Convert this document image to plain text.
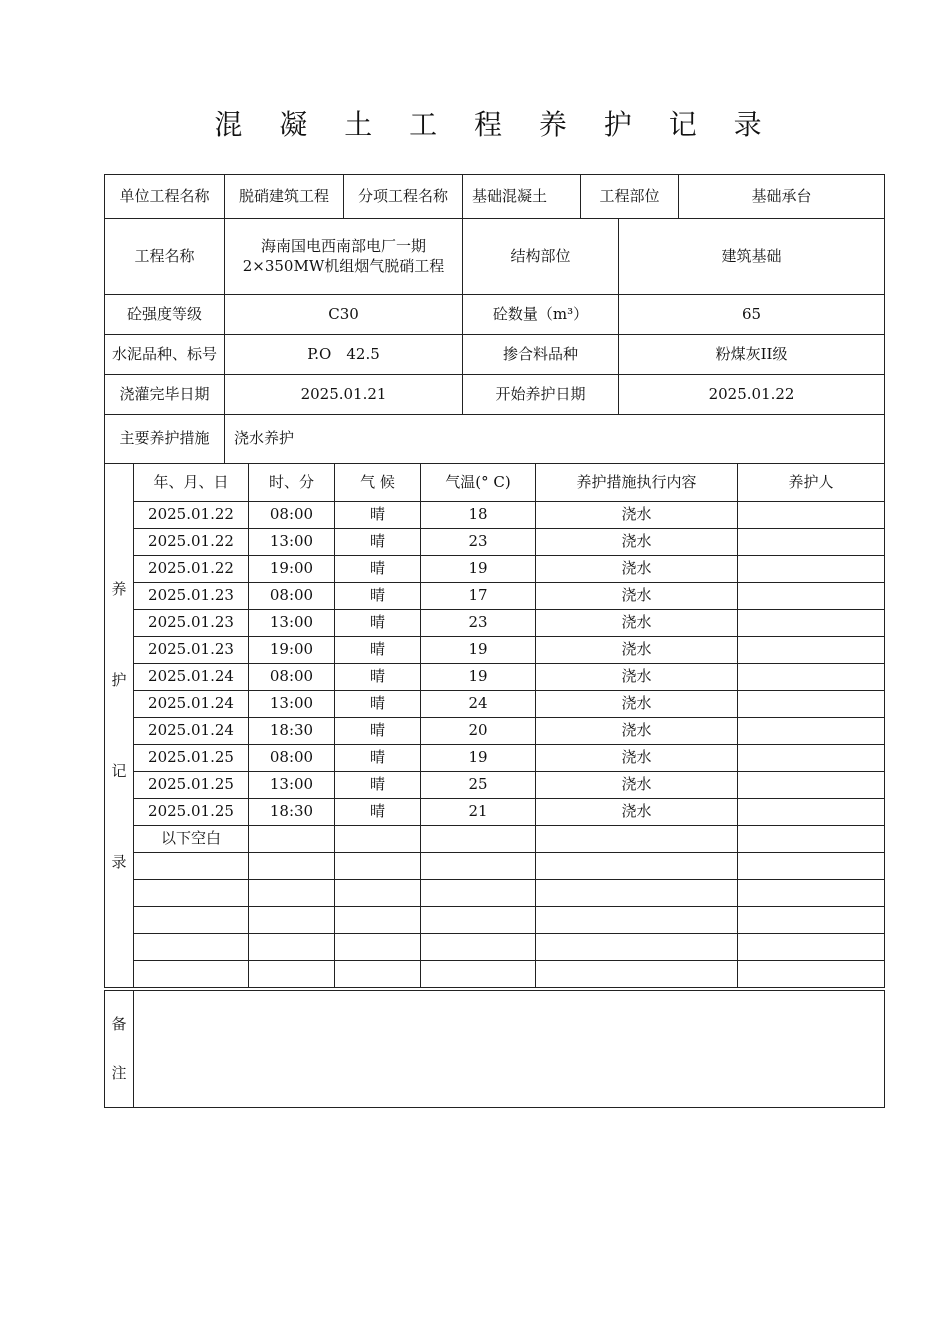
混 凝 土 工 程 养 护 记 录
单位工程名称	脱硝建筑工程	分项工程名称	基础混凝土	工程部位		基础承台
工程名称	海南国电西南部电厂一期2×350MW机组烟气脱硝工程		结构部位		建筑基础	
砼强度等级	C30		砼数量（m³）		65	
水泥品种、标号	P.O　42.5		掺合料品种		粉煤灰II级	
浇灌完毕日期	2025.01.21		开始养护日期		2025.01.22	
主要养护措施	浇水养护					
养
护
记
录	年、月、日	时、分	气 候	气温(° C)	养护措施执行内容	养护人
	2025.01.22	08:00	晴	18	浇水	
	2025.01.22	13:00	晴	23	浇水	
	2025.01.22	19:00	晴	19	浇水	
	2025.01.23	08:00	晴	17	浇水	
	2025.01.23	13:00	晴	23	浇水	
	2025.01.23	19:00	晴	19	浇水	
	2025.01.24	08:00	晴	19	浇水	
	2025.01.24	13:00	晴	24	浇水	
	2025.01.24	18:30	晴	20	浇水	
	2025.01.25	08:00	晴	19	浇水	
	2025.01.25	13:00	晴	25	浇水	
	2025.01.25	18:30	晴	21	浇水	
	以下空白					

备
注
